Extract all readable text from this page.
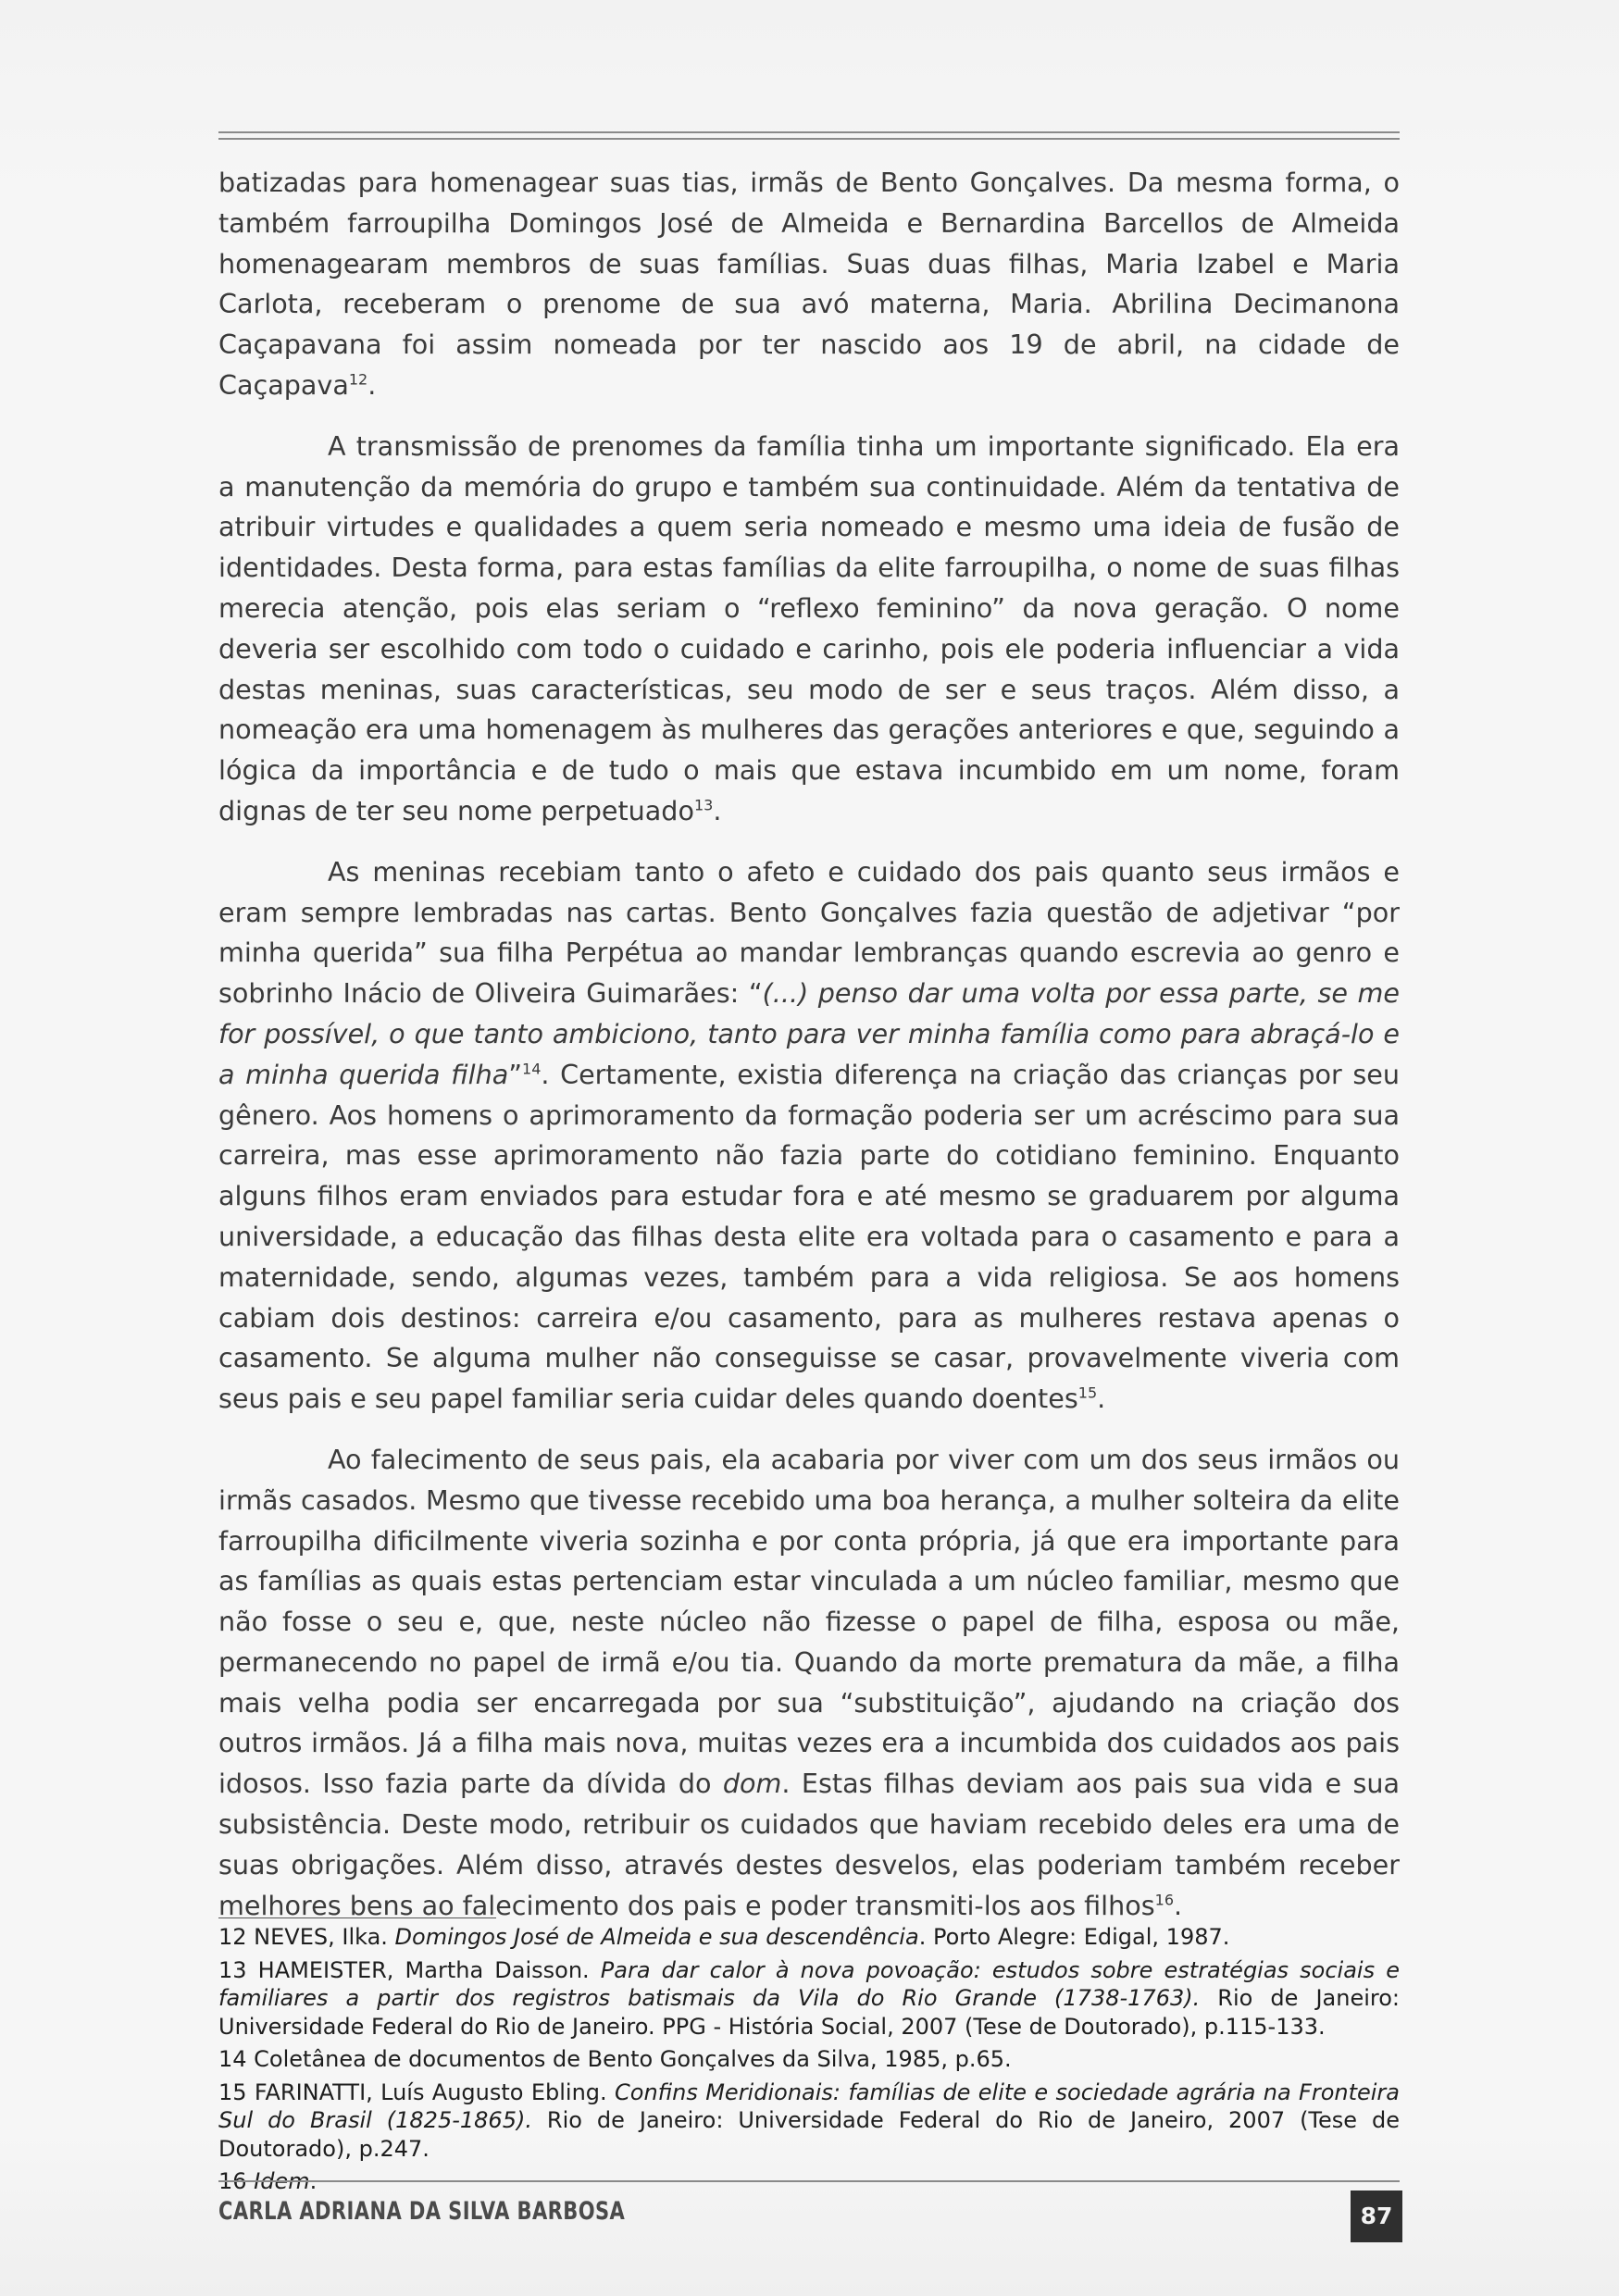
batizadas para homenagear suas tias, irmãs de Bento Gonçalves. Da mesma forma, o também farroupilha Domingos José de Almeida e Bernardina Barcellos de Almeida homenagearam membros de suas famílias. Suas duas filhas, Maria Izabel e Maria Carlota, receberam o prenome de sua avó materna, Maria. Abrilina Decimanona Caçapavana foi assim nomeada por ter nascido aos 19 de abril, na cidade de Caçapava$^{12}$.

A transmissão de prenomes da família tinha um importante significado. Ela era a manutenção da memória do grupo e também sua continuidade. Além da tentativa de atribuir virtudes e qualidades a quem seria nomeado e mesmo uma ideia de fusão de identidades. Desta forma, para estas famílias da elite farroupilha, o nome de suas filhas merecia atenção, pois elas seriam o “reflexo feminino” da nova geração. O nome deveria ser escolhido com todo o cuidado e carinho, pois ele poderia influenciar a vida destas meninas, suas características, seu modo de ser e seus traços. Além disso, a nomeação era uma homenagem às mulheres das gerações anteriores e que, seguindo a lógica da importância e de tudo o mais que estava incumbido em um nome, foram dignas de ter seu nome perpetuado$^{13}$.

As meninas recebiam tanto o afeto e cuidado dos pais quanto seus irmãos e eram sempre lembradas nas cartas. Bento Gonçalves fazia questão de adjetivar “por minha querida” sua filha Perpétua ao mandar lembranças quando escrevia ao genro e sobrinho Inácio de Oliveira Guimarães: “(...) penso dar uma volta por essa parte, se me for possível, o que tanto ambiciono, tanto para ver minha família como para abraçá-lo e a minha querida filha”$^{14}$. Certamente, existia diferença na criação das crianças por seu gênero. Aos homens o aprimoramento da formação poderia ser um acréscimo para sua carreira, mas esse aprimoramento não fazia parte do cotidiano feminino. Enquanto alguns filhos eram enviados para estudar fora e até mesmo se graduarem por alguma universidade, a educação das filhas desta elite era voltada para o casamento e para a maternidade, sendo, algumas vezes, também para a vida religiosa. Se aos homens cabiam dois destinos: carreira e/ou casamento, para as mulheres restava apenas o casamento. Se alguma mulher não conseguisse se casar, provavelmente viveria com seus pais e seu papel familiar seria cuidar deles quando doentes$^{15}$.

Ao falecimento de seus pais, ela acabaria por viver com um dos seus irmãos ou irmãs casados. Mesmo que tivesse recebido uma boa herança, a mulher solteira da elite farroupilha dificilmente viveria sozinha e por conta própria, já que era importante para as famílias as quais estas pertenciam estar vinculada a um núcleo familiar, mesmo que não fosse o seu e, que, neste núcleo não fizesse o papel de filha, esposa ou mãe, permanecendo no papel de irmã e/ou tia. Quando da morte prematura da mãe, a filha mais velha podia ser encarregada por sua “substituição”, ajudando na criação dos outros irmãos. Já a filha mais nova, muitas vezes era a incumbida dos cuidados aos pais idosos. Isso fazia parte da dívida do dom. Estas filhas deviam aos pais sua vida e sua subsistência. Deste modo, retribuir os cuidados que haviam recebido deles era uma de suas obrigações. Além disso, através destes desvelos, elas poderiam também receber melhores bens ao falecimento dos pais e poder transmiti-los aos filhos$^{16}$.

12 NEVES, Ilka. Domingos José de Almeida e sua descendência. Porto Alegre: Edigal, 1987.
13 HAMEISTER, Martha Daisson. Para dar calor à nova povoação: estudos sobre estratégias sociais e familiares a partir dos registros batismais da Vila do Rio Grande (1738-1763). Rio de Janeiro: Universidade Federal do Rio de Janeiro. PPG - História Social, 2007 (Tese de Doutorado), p.115-133.
14 Coletânea de documentos de Bento Gonçalves da Silva, 1985, p.65.
15 FARINATTI, Luís Augusto Ebling. Confins Meridionais: famílias de elite e sociedade agrária na Fronteira Sul do Brasil (1825-1865). Rio de Janeiro: Universidade Federal do Rio de Janeiro, 2007 (Tese de Doutorado), p.247.
16 Idem.
CARLA ADRIANA DA SILVA BARBOSA	87
